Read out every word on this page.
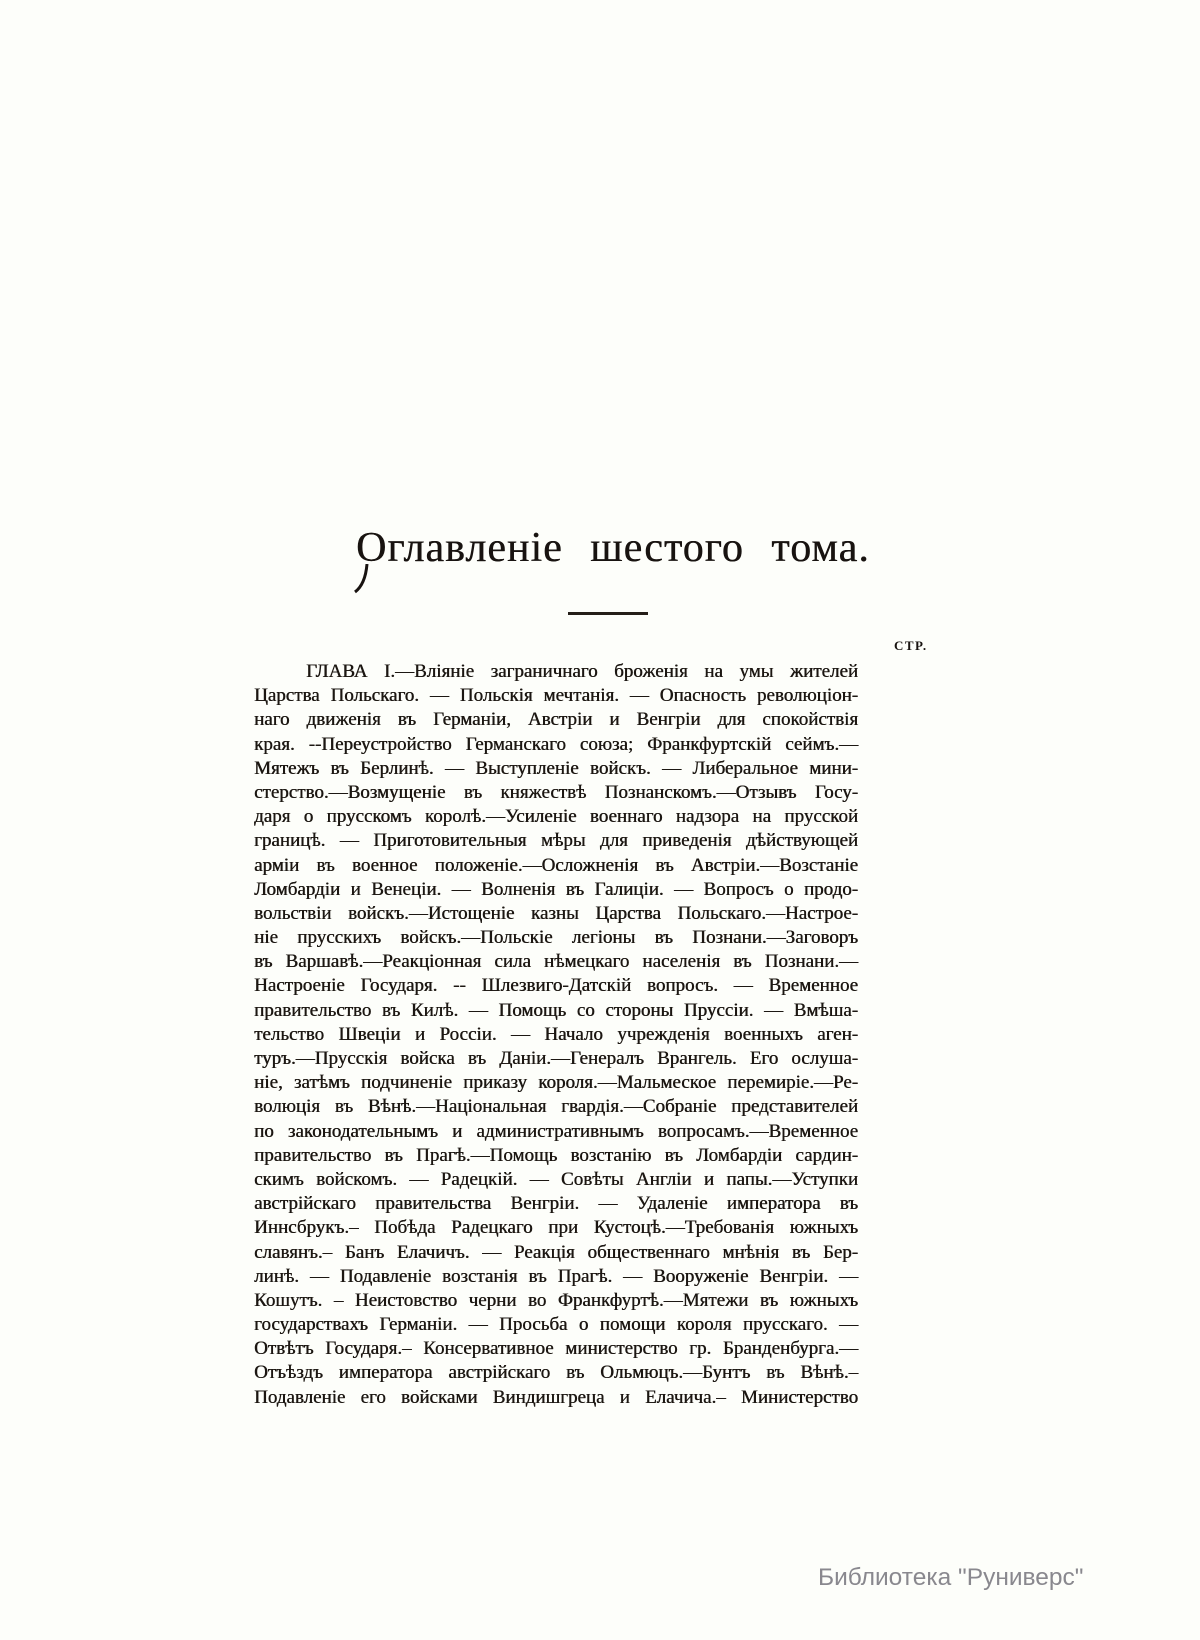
Оглавленіе шестого тома.
СТР.
ГЛАВА І.—Вліяніе заграничнаго броженія на умы жителей
Царства Польскаго. — Польскія мечтанія. — Опасность революціон-
наго движенія въ Германіи, Австріи и Венгріи для спокойствія
края. --Переустройство Германскаго союза; Франкфуртскій сеймъ.—
Мятежъ въ Берлинѣ. — Выступленіе войскъ. — Либеральное мини-
стерство.—Возмущеніе въ княжествѣ Познанскомъ.—Отзывъ Госу-
даря о прусскомъ королѣ.—Усиленіе военнаго надзора на прусской
границѣ. — Приготовительныя мѣры для приведенія дѣйствующей
арміи въ военное положеніе.—Осложненія въ Австріи.—Возстаніе
Ломбардіи и Венеціи. — Волненія въ Галиціи. — Вопросъ о продо-
вольствіи войскъ.—Истощеніе казны Царства Польскаго.—Настрое-
ніе прусскихъ войскъ.—Польскіе легіоны въ Познани.—Заговоръ
въ Варшавѣ.—Реакціонная сила нѣмецкаго населенія въ Познани.—
Настроеніе Государя. -- Шлезвиго-Датскій вопросъ. — Временное
правительство въ Килѣ. — Помощь со стороны Пруссіи. — Вмѣша-
тельство Швеціи и Россіи. — Начало учрежденія военныхъ аген-
туръ.—Прусскія войска въ Даніи.—Генералъ Врангель. Его ослуша-
ніе, затѣмъ подчиненіе приказу короля.—Мальмеское перемиріе.—Ре-
волюція въ Вѣнѣ.—Національная гвардія.—Собраніе представителей
по законодательнымъ и административнымъ вопросамъ.—Временное
правительство въ Прагѣ.—Помощь возстанію въ Ломбардіи сардин-
скимъ войскомъ. — Радецкій. — Совѣты Англіи и папы.—Уступки
австрійскаго правительства Венгріи. — Удаленіе императора въ
Иннсбрукъ.– Побѣда Радецкаго при Кустоцѣ.—Требованія южныхъ
славянъ.– Банъ Елачичъ. — Реакція общественнаго мнѣнія въ Бер-
линѣ. — Подавленіе возстанія въ Прагѣ. — Вооруженіе Венгріи. —
Кошутъ. – Неистовство черни во Франкфуртѣ.—Мятежи въ южныхъ
государствахъ Германіи. — Просьба о помощи короля прусскаго. —
Отвѣтъ Государя.– Консервативное министерство гр. Бранденбурга.—
Отъѣздъ императора австрійскаго въ Ольмюцъ.—Бунтъ въ Вѣнѣ.–
Подавленіе его войсками Виндишгреца и Елачича.– Министерство
Библиотека "Руниверс"
